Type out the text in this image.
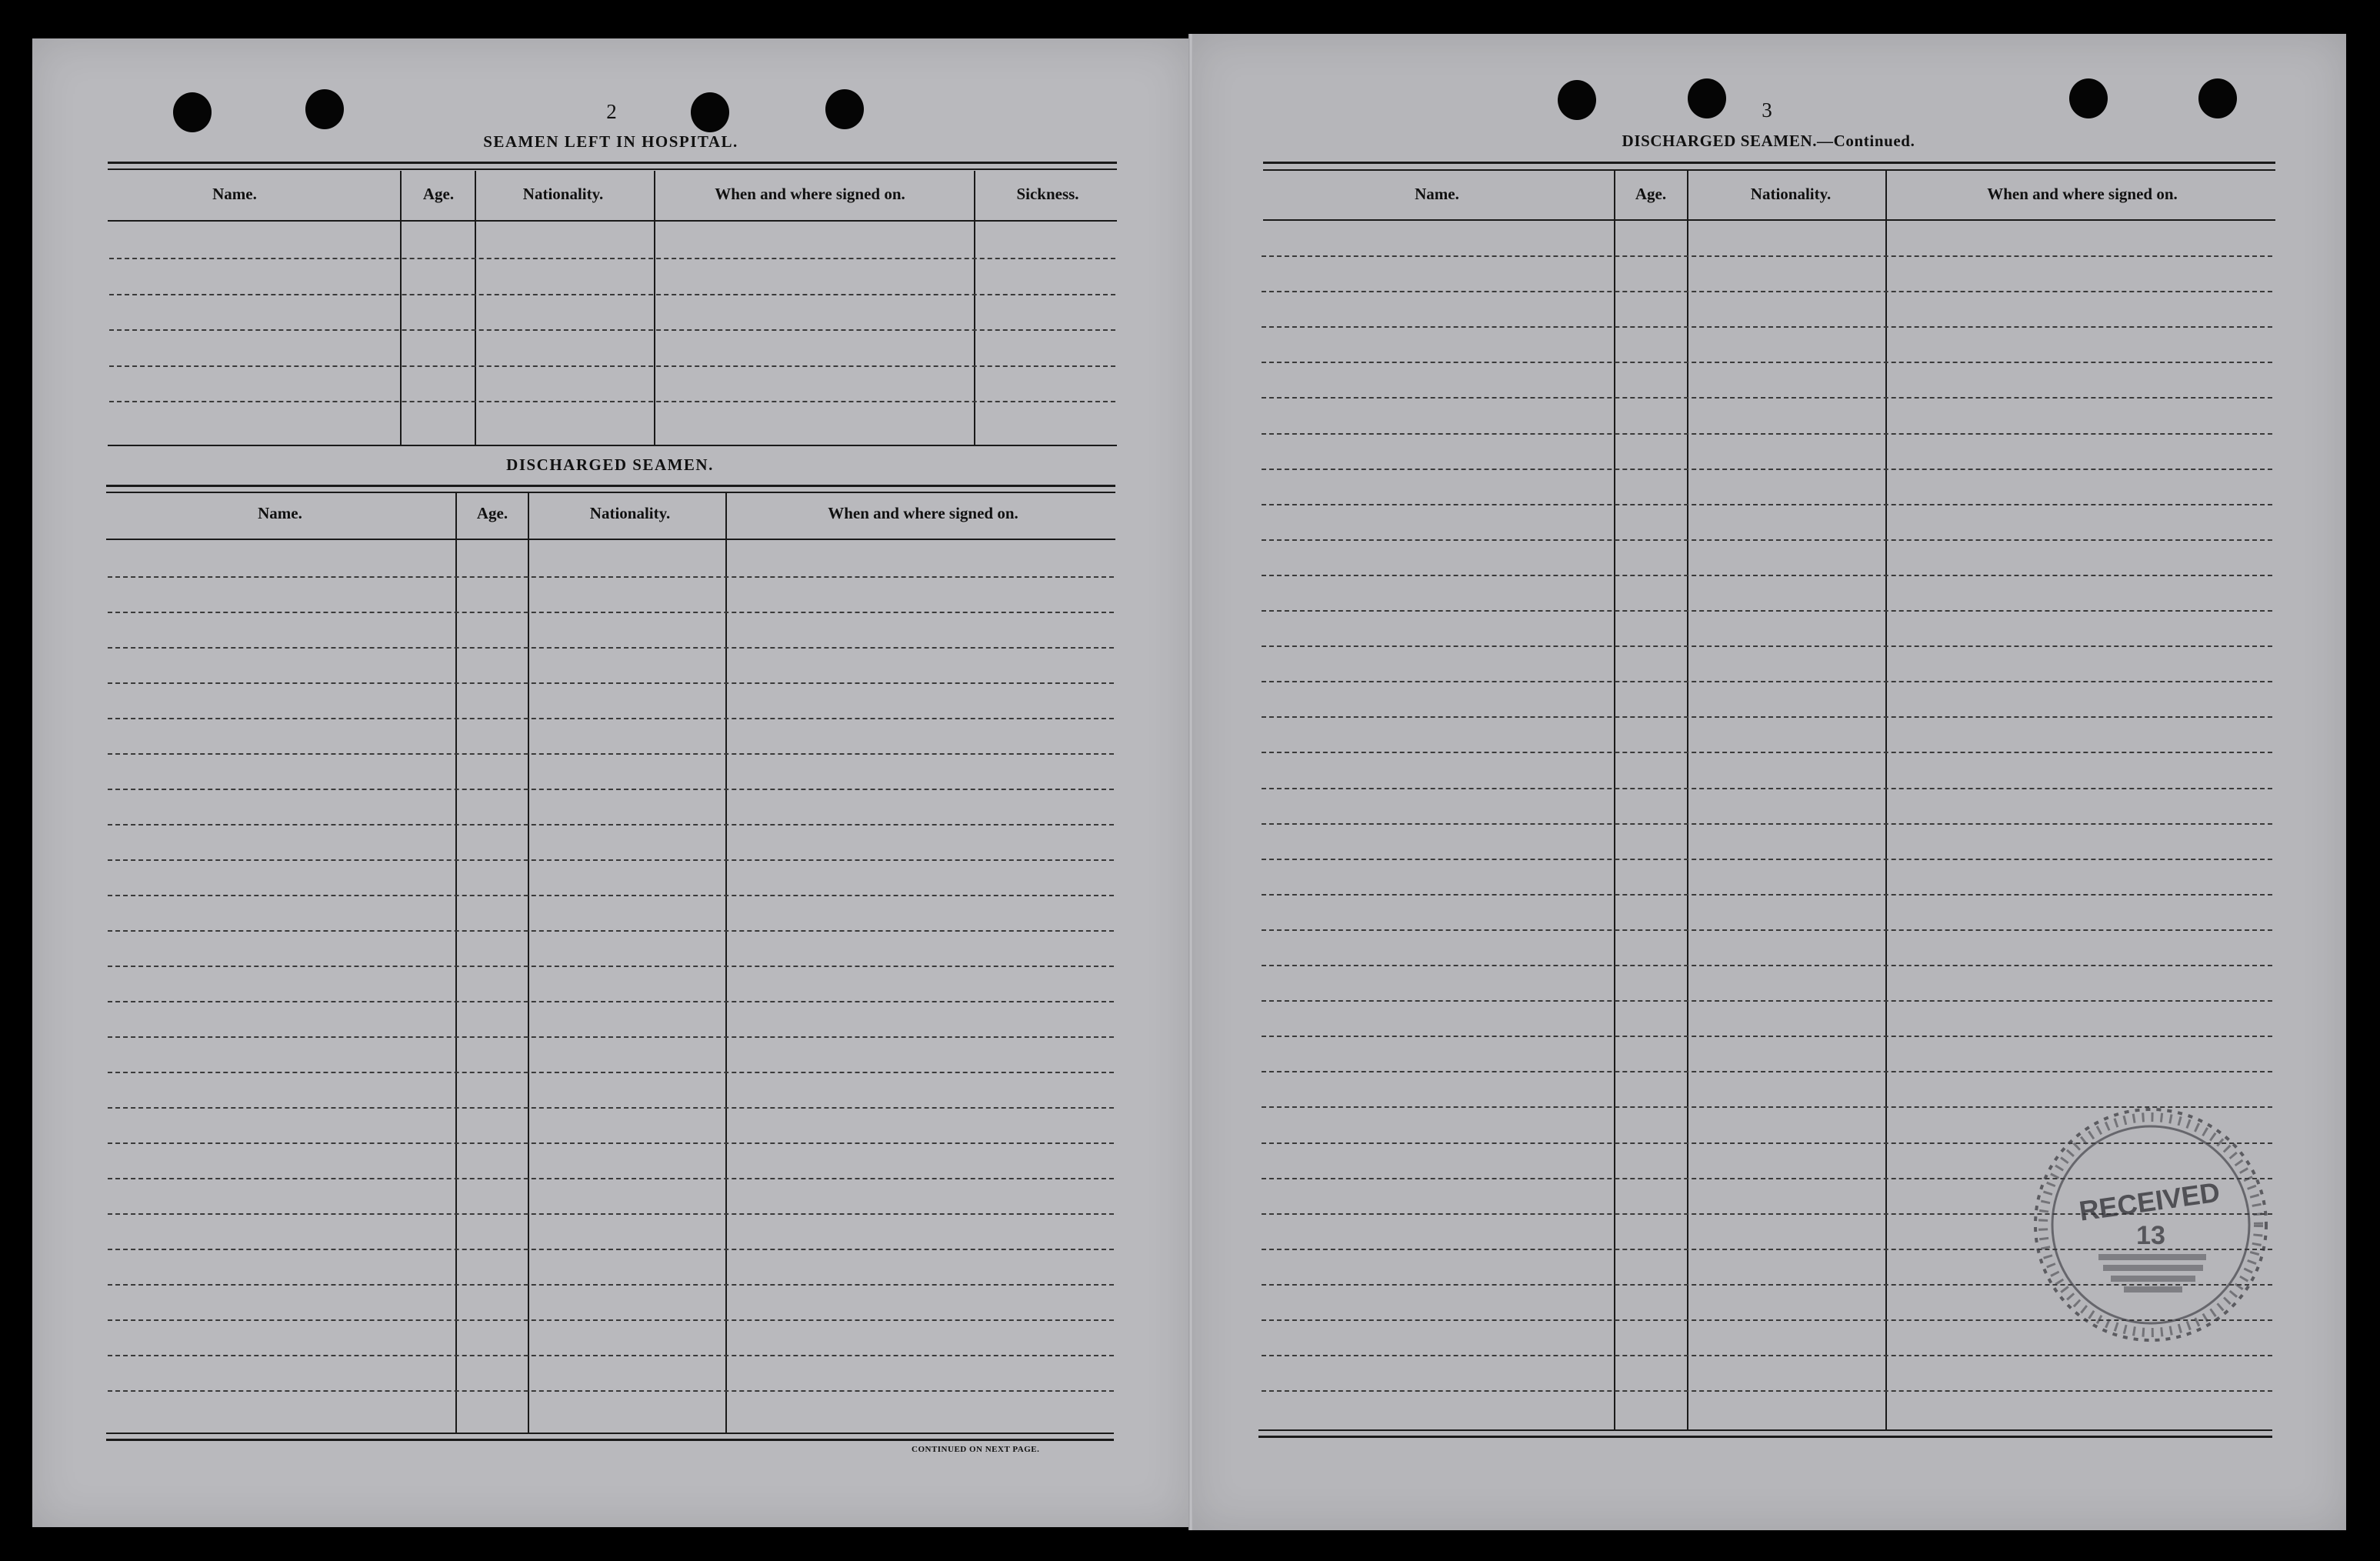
2
SEAMEN LEFT IN HOSPITAL.
Name.	Age.	Nationality.	When and where signed on.	Sickness.
DISCHARGED SEAMEN.
Name.	Age.	Nationality.	When and where signed on.
CONTINUED ON NEXT PAGE.
3
DISCHARGED SEAMEN.—Continued.
Name.	Age.	Nationality.	When and where signed on.
RECEIVED
13
